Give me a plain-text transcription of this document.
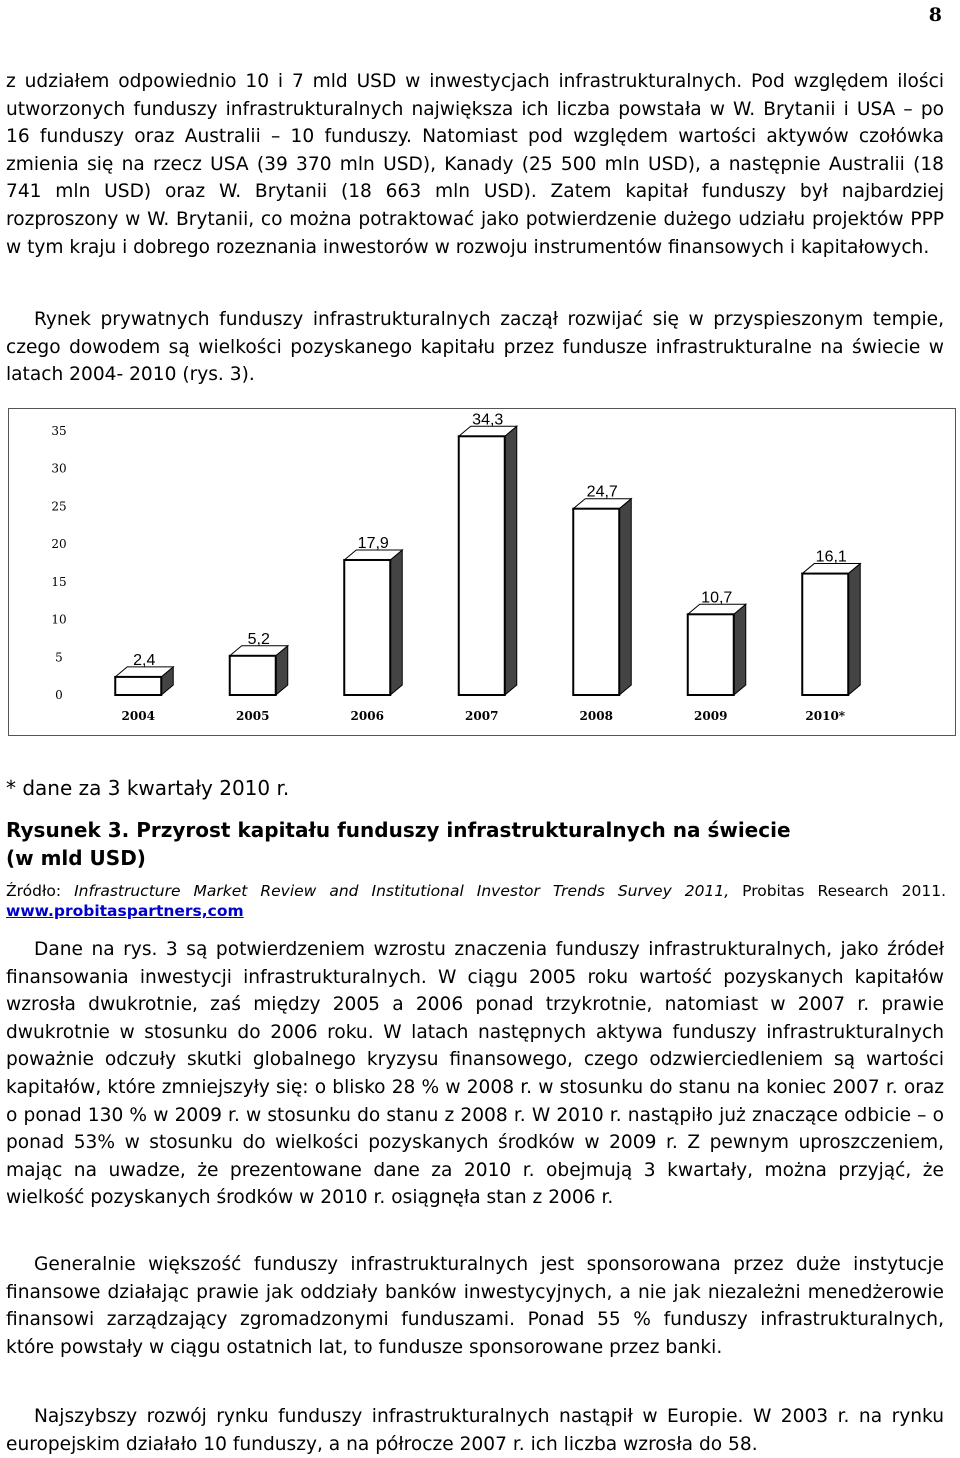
8

z udziałem odpowiednio 10 i 7 mld USD w inwestycjach infrastrukturalnych. Pod względem ilości utworzonych funduszy infrastrukturalnych największa ich liczba powstała w W. Brytanii i USA – po 16 funduszy oraz Australii – 10 funduszy. Natomiast pod względem wartości aktywów czołówka zmienia się na rzecz USA (39 370 mln USD), Kanady (25 500 mln USD), a następnie Australii (18 741 mln USD) oraz W. Brytanii (18 663 mln USD). Zatem kapitał funduszy był najbardziej rozproszony w W. Brytanii, co można potraktować jako potwierdzenie dużego udziału projektów PPP w tym kraju i dobrego rozeznania inwestorów w rozwoju instrumentów finansowych i kapitałowych.

Rynek prywatnych funduszy infrastrukturalnych zaczął rozwijać się w przyspieszonym tempie, czego dowodem są wielkości pozyskanego kapitału przez fundusze infrastrukturalne na świecie w latach 2004- 2010 (rys. 3).

0
5
10
15
20
25
30
35
2,4
2004
5,2
2005
17,9
2006
34,3
2007
24,7
2008
10,7
2009
16,1
2010*

* dane za 3 kwartały 2010 r.

Rysunek 3. Przyrost kapitału funduszy infrastrukturalnych na świecie
(w mld USD)
Źródło: Infrastructure Market Review and Institutional Investor Trends Survey 2011, Probitas Research 2011.
www.probitaspartners,com

Dane na rys. 3 są potwierdzeniem wzrostu znaczenia funduszy infrastrukturalnych, jako źródeł finansowania inwestycji infrastrukturalnych. W ciągu 2005 roku wartość pozyskanych kapitałów wzrosła dwukrotnie, zaś między 2005 a 2006 ponad trzykrotnie, natomiast w 2007 r. prawie dwukrotnie w stosunku do 2006 roku. W latach następnych aktywa funduszy infrastrukturalnych poważnie odczuły skutki globalnego kryzysu finansowego, czego odzwierciedleniem są wartości kapitałów, które zmniejszyły się: o blisko 28 % w 2008 r. w stosunku do stanu na koniec 2007 r. oraz o ponad 130 % w 2009 r. w stosunku do stanu z 2008 r. W 2010 r. nastąpiło już znaczące odbicie – o ponad 53% w stosunku do wielkości pozyskanych środków w 2009 r. Z pewnym uproszczeniem, mając na uwadze, że prezentowane dane za 2010 r. obejmują 3 kwartały, można przyjąć, że wielkość pozyskanych środków w 2010 r. osiągnęła stan z 2006 r.

Generalnie większość funduszy infrastrukturalnych jest sponsorowana przez duże instytucje finansowe działając prawie jak oddziały banków inwestycyjnych, a nie jak niezależni menedżerowie finansowi zarządzający zgromadzonymi funduszami. Ponad 55 % funduszy infrastrukturalnych, które powstały w ciągu ostatnich lat, to fundusze sponsorowane przez banki.

Najszybszy rozwój rynku funduszy infrastrukturalnych nastąpił w Europie. W 2003 r. na rynku europejskim działało 10 funduszy, a na półrocze 2007 r. ich liczba wzrosła do 58.
